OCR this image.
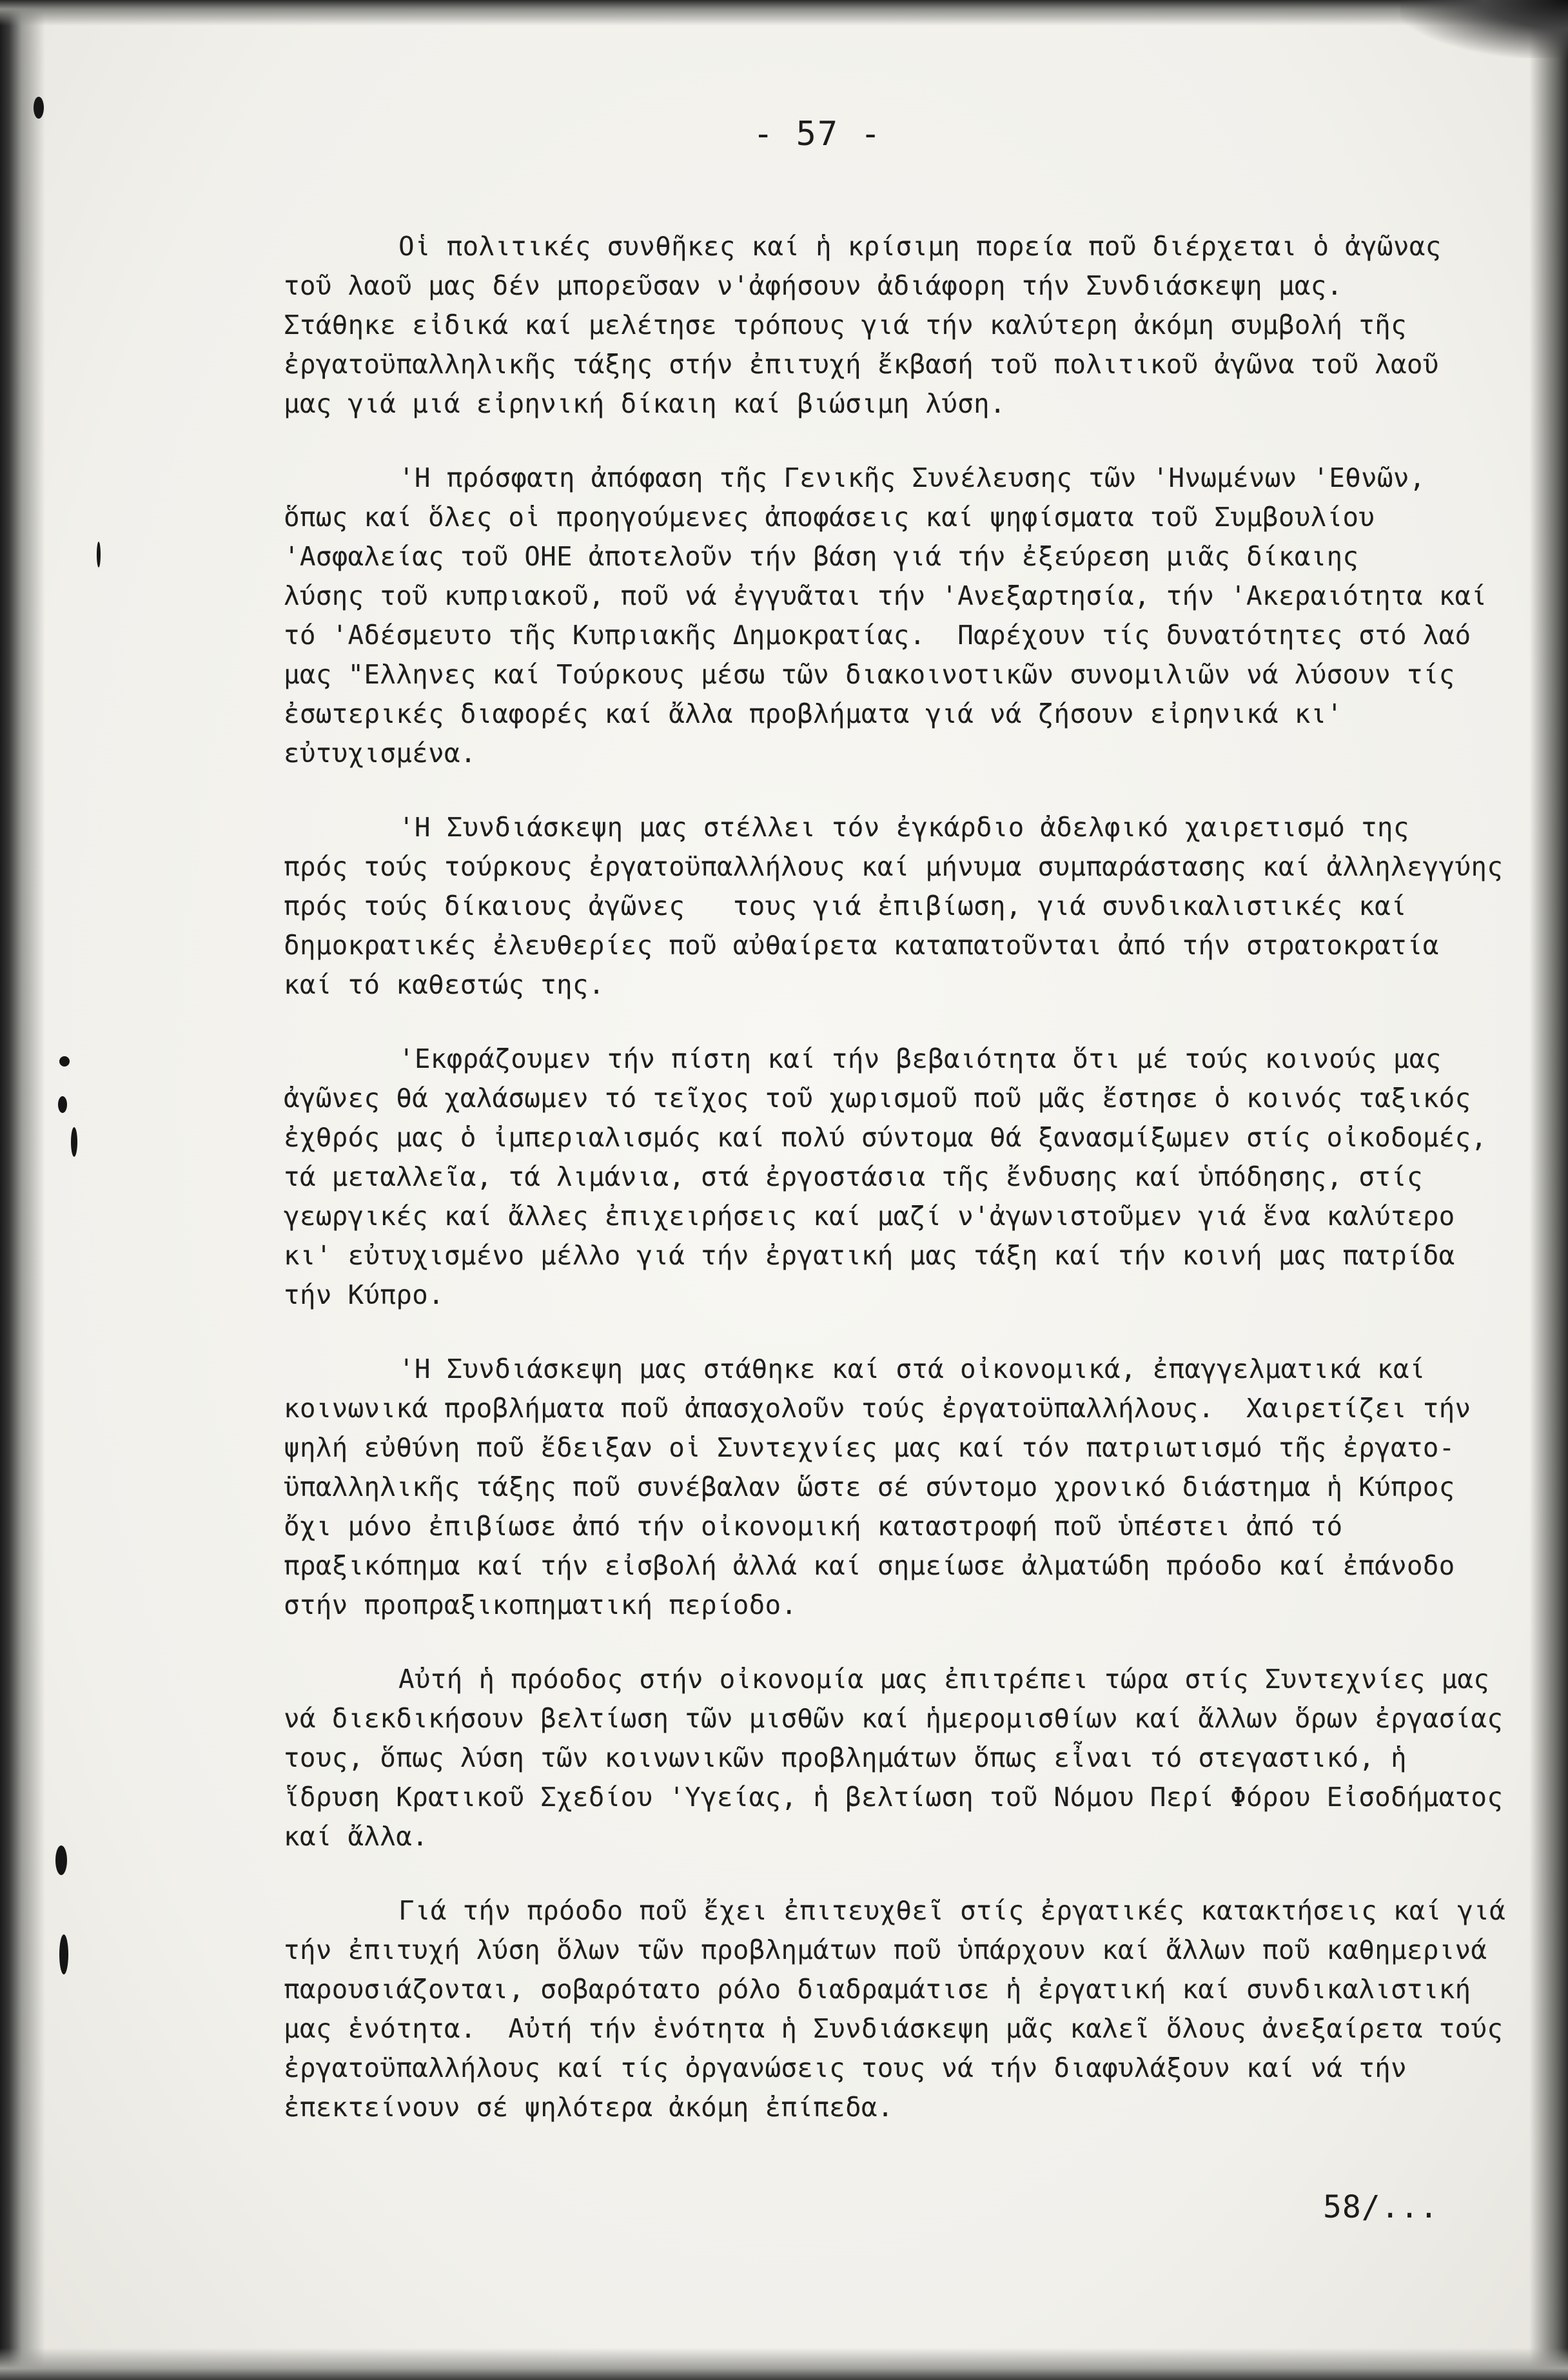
- 57 -
Οἱ πολιτικές συνθῆκες καί ἡ κρίσιμη πορεία ποῦ διέρχεται ὁ ἀγῶνας
τοῦ λαοῦ μας δέν μπορεῦσαν ν'ἀφήσουν ἀδιάφορη τήν Συνδιάσκεψη μας.
Στάθηκε εἰδικά καί μελέτησε τρόπους γιά τήν καλύτερη ἀκόμη συμβολή τῆς
ἐργατοϋπαλληλικῆς τάξης στήν ἐπιτυχή ἔκβασή τοῦ πολιτικοῦ ἀγῶνα τοῦ λαοῦ
μας γιά μιά εἰρηνική δίκαιη καί βιώσιμη λύση.
'Η πρόσφατη ἀπόφαση τῆς Γενικῆς Συνέλευσης τῶν 'Ηνωμένων 'Εθνῶν,
ὅπως καί ὅλες οἱ προηγούμενες ἀποφάσεις καί ψηφίσματα τοῦ Συμβουλίου
'Ασφαλείας τοῦ ΟΗΕ ἀποτελοῦν τήν βάση γιά τήν ἐξεύρεση μιᾶς δίκαιης
λύσης τοῦ κυπριακοῦ, ποῦ νά ἐγγυᾶται τήν 'Ανεξαρτησία, τήν 'Ακεραιότητα καί
τό 'Αδέσμευτο τῆς Κυπριακῆς Δημοκρατίας.  Παρέχουν τίς δυνατότητες στό λαό
μας "Ελληνες καί Τούρκους μέσω τῶν διακοινοτικῶν συνομιλιῶν νά λύσουν τίς
ἐσωτερικές διαφορές καί ἄλλα προβλήματα γιά νά ζήσουν εἰρηνικά κι'
εὐτυχισμένα.
'Η Συνδιάσκεψη μας στέλλει τόν ἐγκάρδιο ἀδελφικό χαιρετισμό της
πρός τούς τούρκους ἐργατοϋπαλλήλους καί μήνυμα συμπαράστασης καί ἀλληλεγγύης
πρός τούς δίκαιους ἀγῶνες   τους γιά ἐπιβίωση, γιά συνδικαλιστικές καί
δημοκρατικές ἐλευθερίες ποῦ αὐθαίρετα καταπατοῦνται ἀπό τήν στρατοκρατία
καί τό καθεστώς της.
'Εκφράζουμεν τήν πίστη καί τήν βεβαιότητα ὅτι μέ τούς κοινούς μας
ἀγῶνες θά χαλάσωμεν τό τεῖχος τοῦ χωρισμοῦ ποῦ μᾶς ἔστησε ὁ κοινός ταξικός
ἐχθρός μας ὁ ἰμπεριαλισμός καί πολύ σύντομα θά ξανασμίξωμεν στίς οἰκοδομές,
τά μεταλλεῖα, τά λιμάνια, στά ἐργοστάσια τῆς ἔνδυσης καί ὑπόδησης, στίς
γεωργικές καί ἄλλες ἐπιχειρήσεις καί μαζί ν'ἀγωνιστοῦμεν γιά ἕνα καλύτερο
κι' εὐτυχισμένο μέλλο γιά τήν ἐργατική μας τάξη καί τήν κοινή μας πατρίδα
τήν Κύπρο.
'Η Συνδιάσκεψη μας στάθηκε καί στά οἰκονομικά, ἐπαγγελματικά καί
κοινωνικά προβλήματα ποῦ ἀπασχολοῦν τούς ἐργατοϋπαλλήλους.  Χαιρετίζει τήν
ψηλή εὐθύνη ποῦ ἔδειξαν οἱ Συντεχνίες μας καί τόν πατριωτισμό τῆς ἐργατο-
ϋπαλληλικῆς τάξης ποῦ συνέβαλαν ὥστε σέ σύντομο χρονικό διάστημα ἡ Κύπρος
ὄχι μόνο ἐπιβίωσε ἀπό τήν οἰκονομική καταστροφή ποῦ ὑπέστει ἀπό τό
πραξικόπημα καί τήν εἰσβολή ἀλλά καί σημείωσε ἀλματώδη πρόοδο καί ἐπάνοδο
στήν προπραξικοπηματική περίοδο.
Αὐτή ἡ πρόοδος στήν οἰκονομία μας ἐπιτρέπει τώρα στίς Συντεχνίες μας
νά διεκδικήσουν βελτίωση τῶν μισθῶν καί ἡμερομισθίων καί ἄλλων ὅρων ἐργασίας
τους, ὅπως λύση τῶν κοινωνικῶν προβλημάτων ὅπως εἶναι τό στεγαστικό, ἡ
ἵδρυση Κρατικοῦ Σχεδίου 'Υγείας, ἡ βελτίωση τοῦ Νόμου Περί Φόρου Εἰσοδήματος
καί ἄλλα.
Γιά τήν πρόοδο ποῦ ἔχει ἐπιτευχθεῖ στίς ἐργατικές κατακτήσεις καί γιά
τήν ἐπιτυχή λύση ὅλων τῶν προβλημάτων ποῦ ὑπάρχουν καί ἄλλων ποῦ καθημερινά
παρουσιάζονται, σοβαρότατο ρόλο διαδραμάτισε ἡ ἐργατική καί συνδικαλιστική
μας ἑνότητα.  Αὐτή τήν ἑνότητα ἡ Συνδιάσκεψη μᾶς καλεῖ ὅλους ἀνεξαίρετα τούς
ἐργατοϋπαλλήλους καί τίς ὀργανώσεις τους νά τήν διαφυλάξουν καί νά τήν
ἐπεκτείνουν σέ ψηλότερα ἀκόμη ἐπίπεδα.
58/...
